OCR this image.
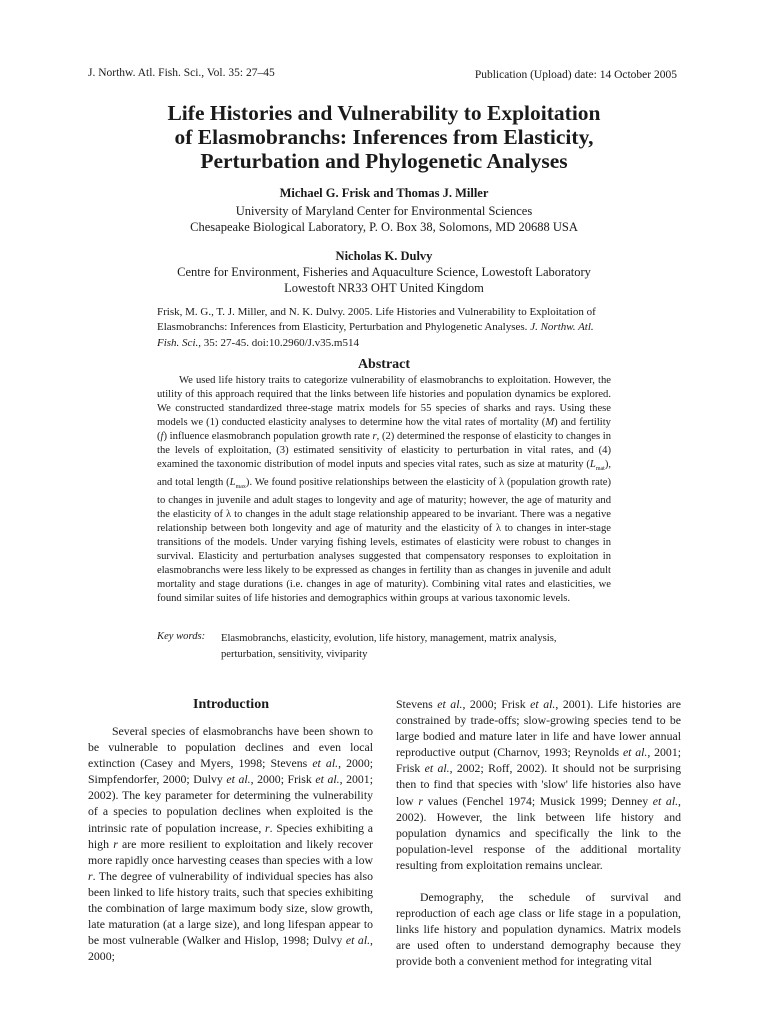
J. Northw. Atl. Fish. Sci., Vol. 35: 27–45	Publication (Upload) date: 14 October 2005
Life Histories and Vulnerability to Exploitation
of Elasmobranchs: Inferences from Elasticity,
Perturbation and Phylogenetic Analyses
Michael G. Frisk and Thomas J. Miller
University of Maryland Center for Environmental Sciences
Chesapeake Biological Laboratory, P. O. Box 38, Solomons, MD 20688 USA
Nicholas K. Dulvy
Centre for Environment, Fisheries and Aquaculture Science, Lowestoft Laboratory
Lowestoft NR33 OHT United Kingdom
Frisk, M. G., T. J. Miller, and N. K. Dulvy. 2005. Life Histories and Vulnerability to Exploitation of Elasmobranchs: Inferences from Elasticity, Perturbation and Phylogenetic Analyses. J. Northw. Atl. Fish. Sci., 35: 27-45. doi:10.2960/J.v35.m514
Abstract

We used life history traits to categorize vulnerability of elasmobranchs to exploitation. However, the utility of this approach required that the links between life histories and population dynamics be explored. We constructed standardized three-stage matrix models for 55 species of sharks and rays. Using these models we (1) conducted elasticity analyses to determine how the vital rates of mortality (M) and fertility (f) influence elasmobranch population growth rate r, (2) determined the response of elasticity to changes in the levels of exploitation, (3) estimated sensitivity of elasticity to perturbation in vital rates, and (4) examined the taxonomic distribution of model inputs and species vital rates, such as size at maturity $(L_{mat})$, and total length $(L_{max})$. We found positive relationships between the elasticity of λ (population growth rate) to changes in juvenile and adult stages to longevity and age of maturity; however, the age of maturity and the elasticity of λ to changes in the adult stage relationship appeared to be invariant. There was a negative relationship between both longevity and age of maturity and the elasticity of λ to changes in inter-stage transitions of the models. Under varying fishing levels, estimates of elasticity were robust to changes in survival. Elasticity and perturbation analyses suggested that compensatory responses to exploitation in elasmobranchs were less likely to be expressed as changes in fertility than as changes in juvenile and adult mortality and stage durations (i.e. changes in age of maturity). Combining vital rates and elasticities, we found similar suites of life histories and demographics within groups at various taxonomic levels.

Key words: Elasmobranchs, elasticity, evolution, life history, management, matrix analysis, perturbation, sensitivity, viviparity
Introduction

Several species of elasmobranchs have been shown to be vulnerable to population declines and even local extinction (Casey and Myers, 1998; Stevens et al., 2000; Simpfendorfer, 2000; Dulvy et al., 2000; Frisk et al., 2001; 2002). The key parameter for determining the vulnerability of a species to population declines when exploited is the intrinsic rate of population increase, r. Species exhibiting a high r are more resilient to exploitation and likely recover more rapidly once harvesting ceases than species with a low r. The degree of vulnerability of individual species has also been linked to life history traits, such that species exhibiting the combination of large maximum body size, slow growth, late maturation (at a large size), and long lifespan appear to be most vulnerable (Walker and Hislop, 1998; Dulvy et al., 2000;

Stevens et al., 2000; Frisk et al., 2001). Life histories are constrained by trade-offs; slow-growing species tend to be large bodied and mature later in life and have lower annual reproductive output (Charnov, 1993; Reynolds et al., 2001; Frisk et al., 2002; Roff, 2002). It should not be surprising then to find that species with 'slow' life histories also have low r values (Fenchel 1974; Musick 1999; Denney et al., 2002). However, the link between life history and population dynamics and specifically the link to the population-level response of the additional mortality resulting from exploitation remains unclear.

Demography, the schedule of survival and reproduction of each age class or life stage in a population, links life history and population dynamics. Matrix models are used often to understand demography because they provide both a convenient method for integrating vital
